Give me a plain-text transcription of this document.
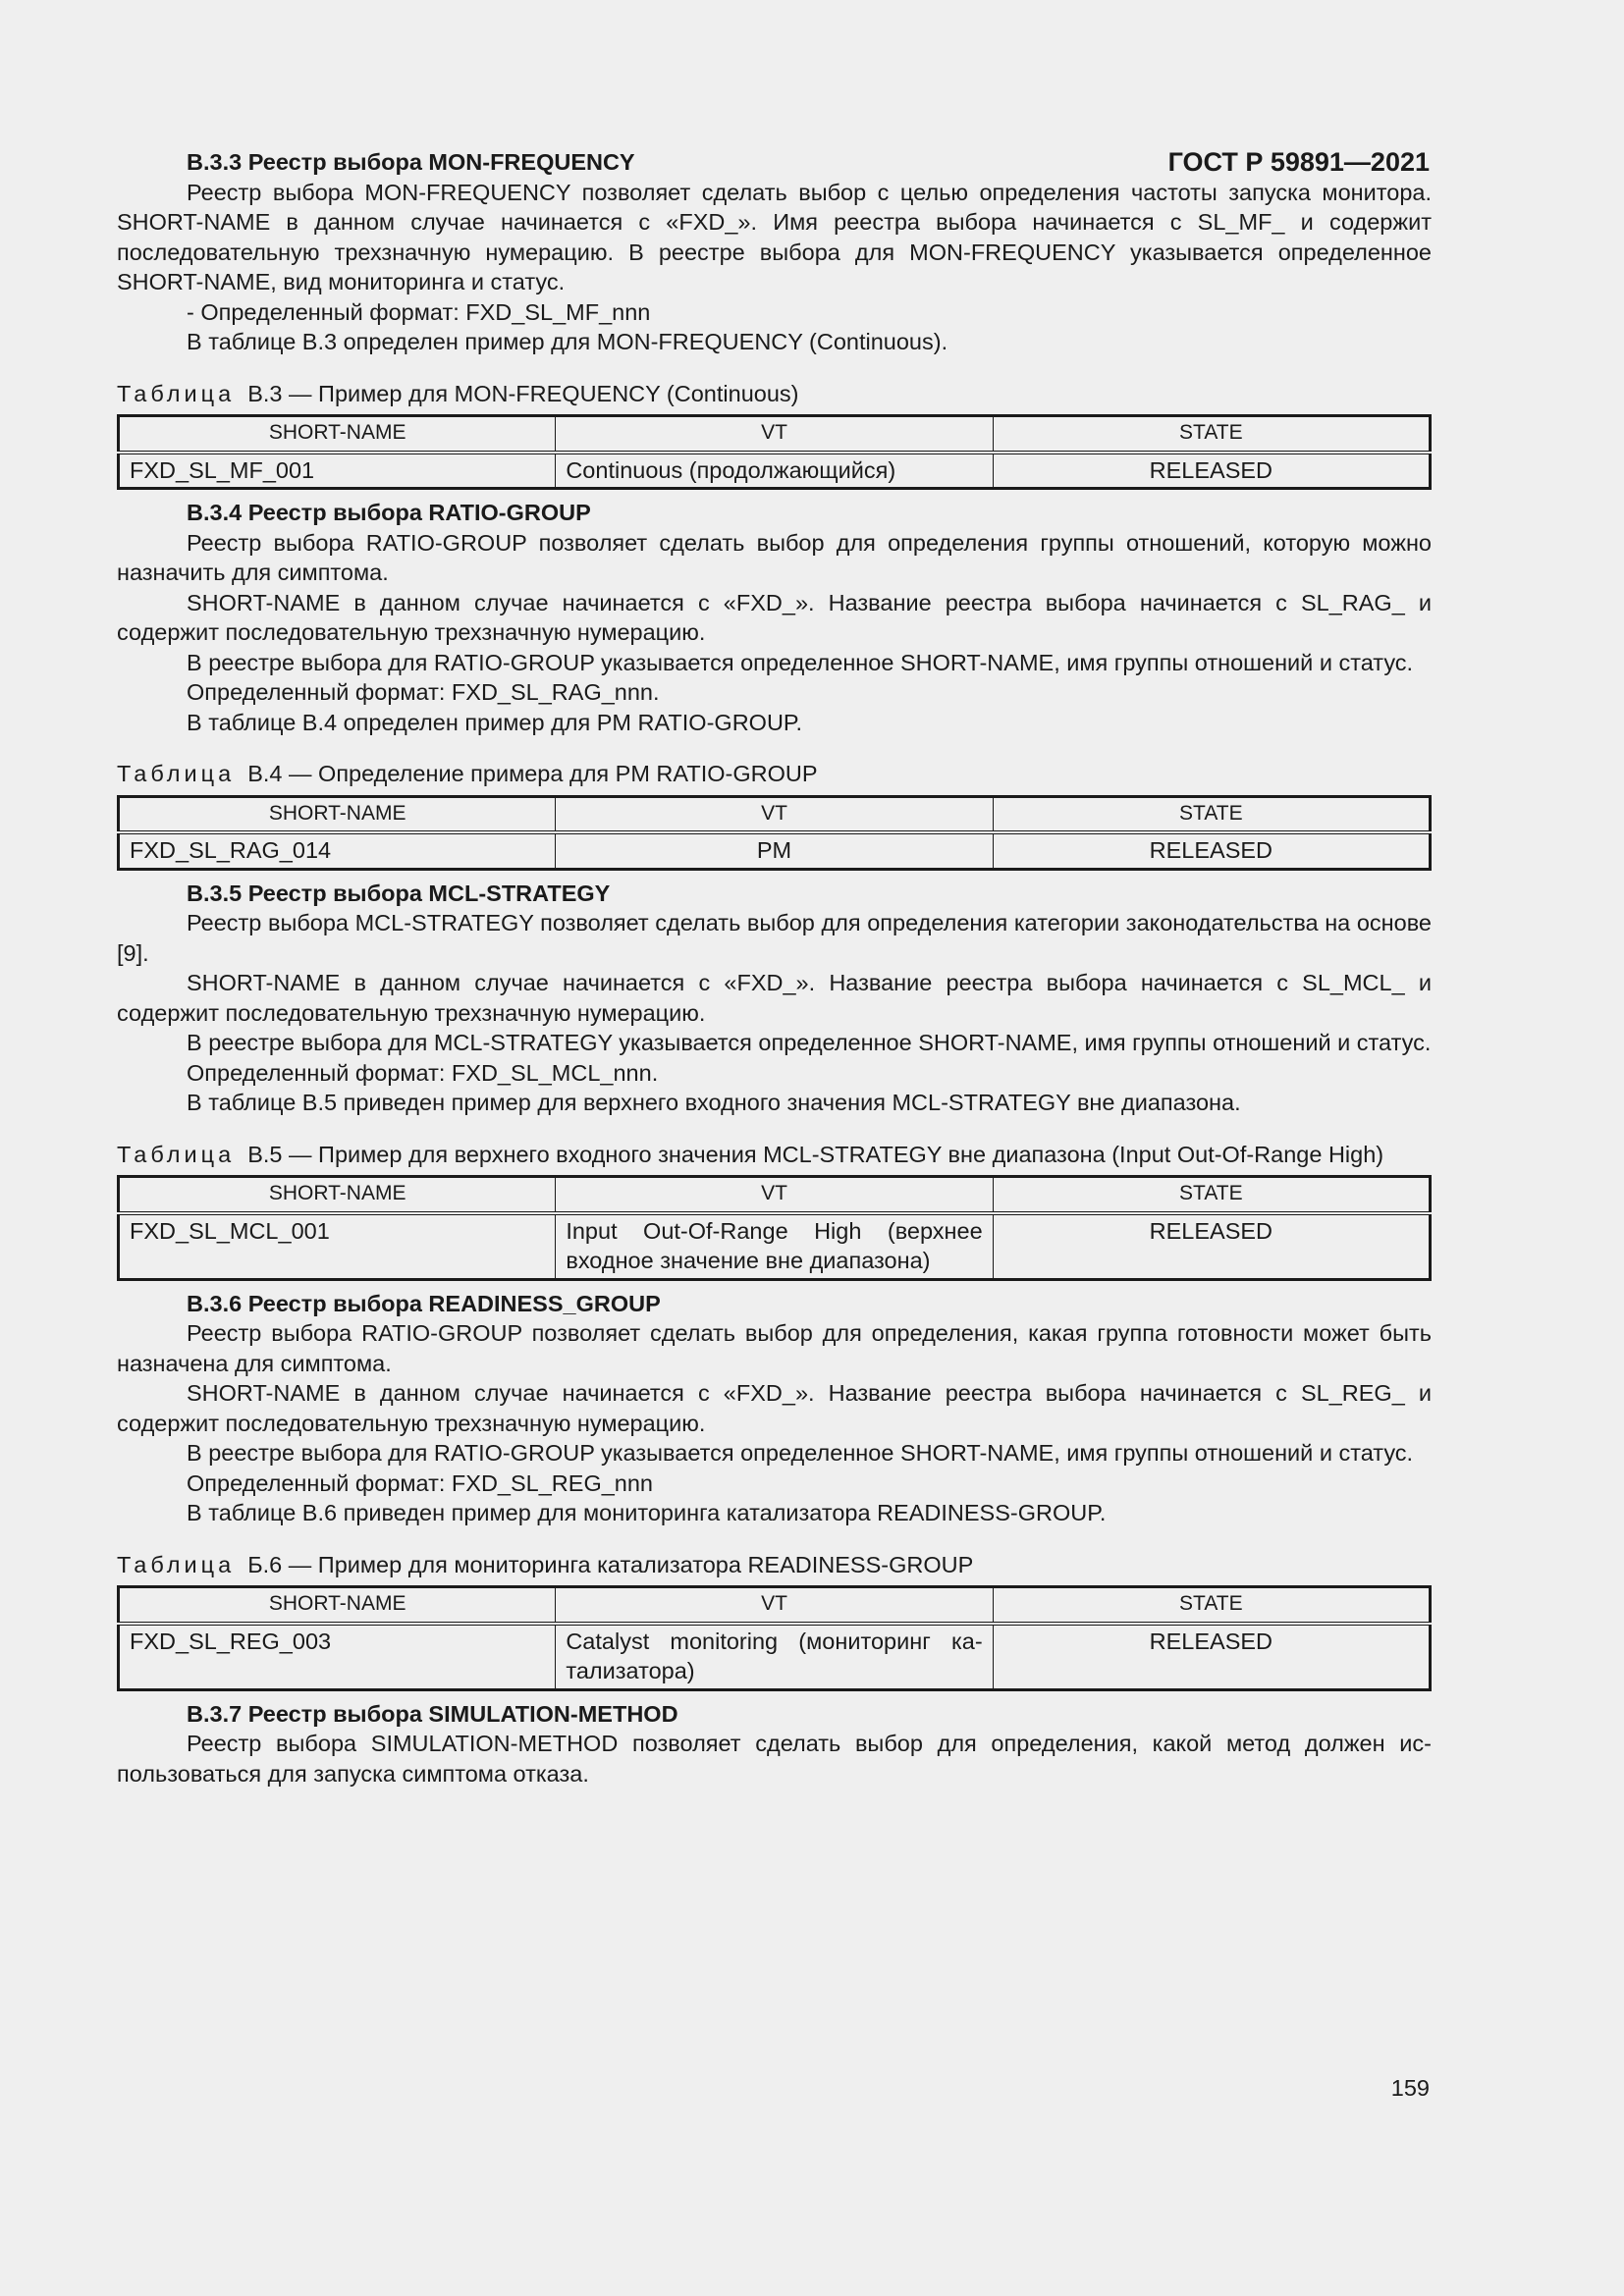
ГОСТ Р 59891—2021

В.3.3 Реестр выбора MON-FREQUENCY

Реестр выбора MON-FREQUENCY позволяет сделать выбор с целью определения частоты запуска монитора. SHORT-NAME в данном случае начинается с «FXD_». Имя реестра выбора начинается с SL_MF_ и содержит последовательную трехзначную нумерацию. В реестре выбора для MON-FREQUENCY указывается определенное SHORT-NAME, вид мониторинга и статус.

- Определенный формат: FXD_SL_MF_nnn

В таблице В.3 определен пример для MON-FREQUENCY (Continuous).

Таблица В.3 — Пример для MON-FREQUENCY (Continuous)

SHORT-NAME	VT	STATE
FXD_SL_MF_001	Continuous (продолжающийся)	RELEASED

В.3.4 Реестр выбора RATIO-GROUP

Реестр выбора RATIO-GROUP позволяет сделать выбор для определения группы отношений, которую можно назначить для симптома.

SHORT-NAME в данном случае начинается с «FXD_». Название реестра выбора начинается с SL_RAG_ и содержит последовательную трехзначную нумерацию.

В реестре выбора для RATIO-GROUP указывается определенное SHORT-NAME, имя группы отношений и статус.

Определенный формат: FXD_SL_RAG_nnn.

В таблице В.4 определен пример для PM RATIO-GROUP.

Таблица В.4 — Определение примера для PM RATIO-GROUP

SHORT-NAME	VT	STATE
FXD_SL_RAG_014	PM	RELEASED

В.3.5 Реестр выбора MCL-STRATEGY

Реестр выбора MCL-STRATEGY позволяет сделать выбор для определения категории законодательства на основе [9].

SHORT-NAME в данном случае начинается с «FXD_». Название реестра выбора начинается с SL_MCL_ и содержит последовательную трехзначную нумерацию.

В реестре выбора для MCL-STRATEGY указывается определенное SHORT-NAME, имя группы отношений и статус.

Определенный формат: FXD_SL_MCL_nnn.

В таблице В.5 приведен пример для верхнего входного значения MCL-STRATEGY вне диапазона.

Таблица В.5 — Пример для верхнего входного значения MCL-STRATEGY вне диапазона (Input Out-Of-Range High)

SHORT-NAME	VT	STATE
FXD_SL_MCL_001	Input Out-Of-Range High (верхнее входное значение вне диапазона)	RELEASED

В.3.6 Реестр выбора READINESS_GROUP

Реестр выбора RATIO-GROUP позволяет сделать выбор для определения, какая группа готовности может быть назначена для симптома.

SHORT-NAME в данном случае начинается с «FXD_». Название реестра выбора начинается с SL_REG_ и содержит последовательную трехзначную нумерацию.

В реестре выбора для RATIO-GROUP указывается определенное SHORT-NAME, имя группы отношений и статус.

Определенный формат: FXD_SL_REG_nnn

В таблице В.6 приведен пример для мониторинга катализатора READINESS-GROUP.

Таблица Б.6 — Пример для мониторинга катализатора READINESS-GROUP

SHORT-NAME	VT	STATE
FXD_SL_REG_003	Catalyst monitoring (мониторинг ка-тализатора)	RELEASED

В.3.7 Реестр выбора SIMULATION-METHOD

Реестр выбора SIMULATION-METHOD позволяет сделать выбор для определения, какой метод должен ис-пользоваться для запуска симптома отказа.

159
